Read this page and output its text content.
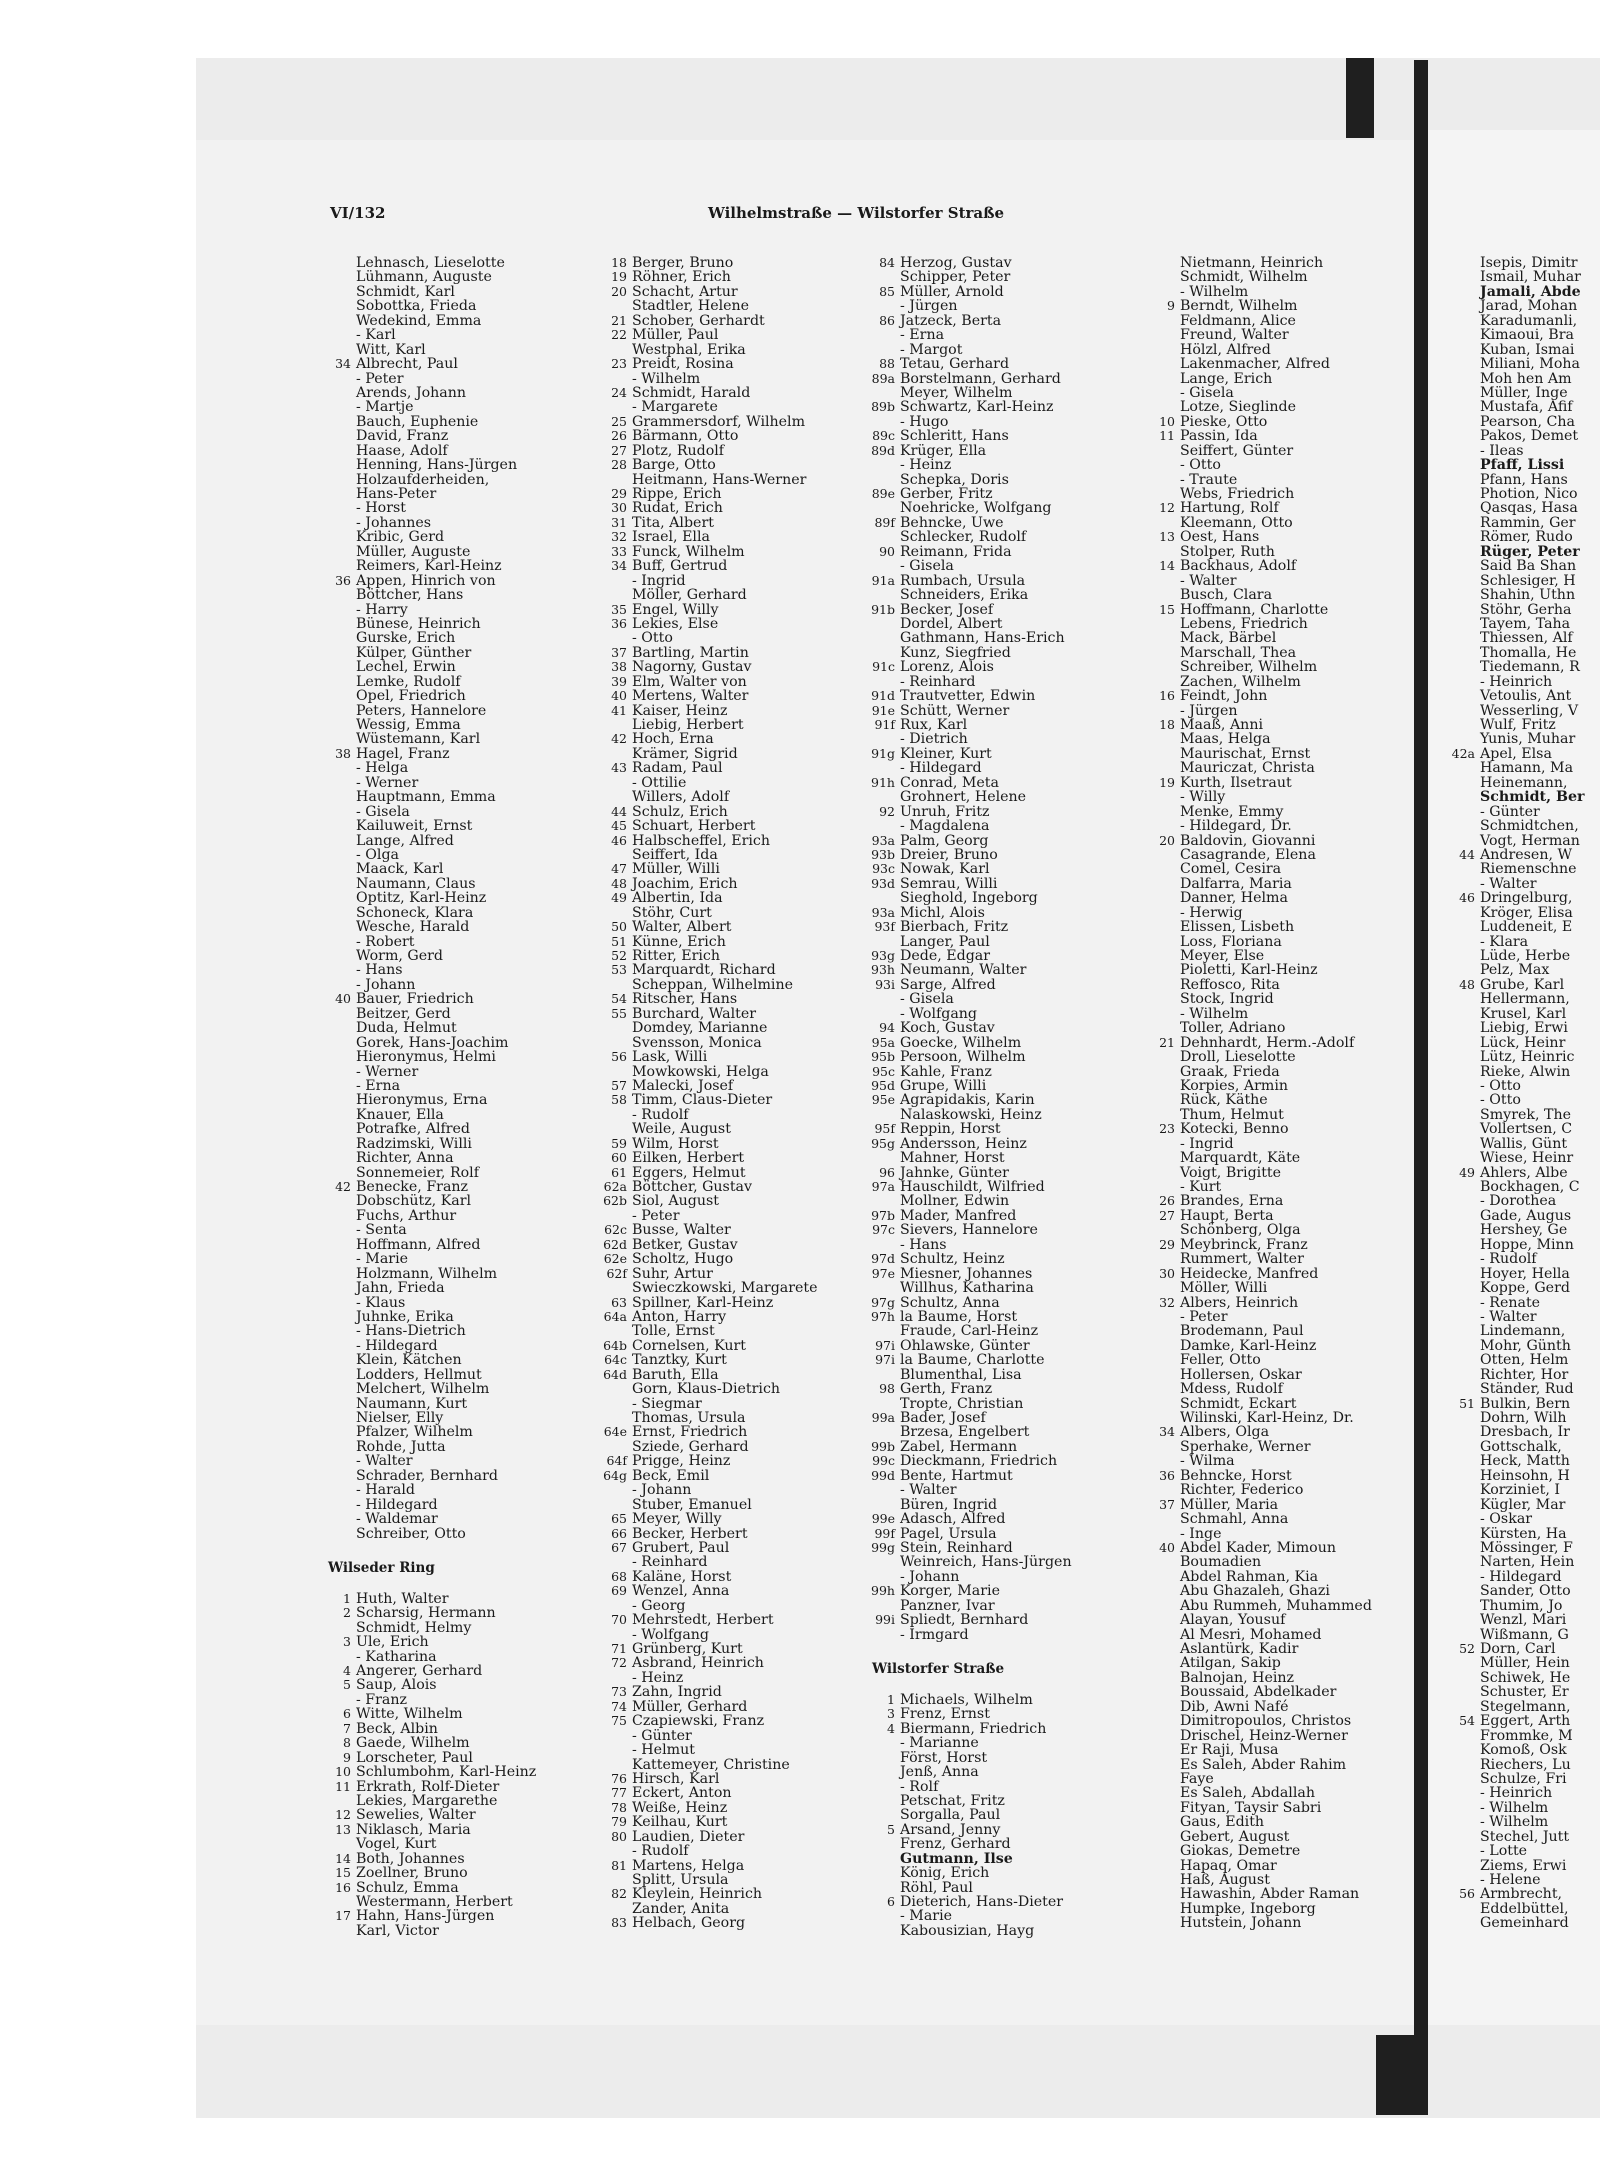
VI/132	Wilhelmstraße — Wilstorfer Straße
Lehnasch, Lieselotte
Lühmann, Auguste
Schmidt, Karl
Sobottka, Frieda
Wedekind, Emma
- Karl
Witt, Karl
34 Albrecht, Paul
- Peter
Arends, Johann
- Martje
Bauch, Euphenie
David, Franz
Haase, Adolf
Henning, Hans-Jürgen
Holzaufderheiden,
Hans-Peter
- Horst
- Johannes
Kribic, Gerd
Müller, Auguste
Reimers, Karl-Heinz
36 Appen, Hinrich von
Böttcher, Hans
- Harry
Bünese, Heinrich
Gurske, Erich
Külper, Günther
Lechel, Erwin
Lemke, Rudolf
Opel, Friedrich
Peters, Hannelore
Wessig, Emma
Wüstemann, Karl
38 Hagel, Franz
- Helga
- Werner
Hauptmann, Emma
- Gisela
Kailuweit, Ernst
Lange, Alfred
- Olga
Maack, Karl
Naumann, Claus
Optitz, Karl-Heinz
Schoneck, Klara
Wesche, Harald
- Robert
Worm, Gerd
- Hans
- Johann
40 Bauer, Friedrich
Beitzer, Gerd
Duda, Helmut
Gorek, Hans-Joachim
Hieronymus, Helmi
- Werner
- Erna
Hieronymus, Erna
Knauer, Ella
Potrafke, Alfred
Radzimski, Willi
Richter, Anna
Sonnemeier, Rolf
42 Benecke, Franz
Dobschütz, Karl
Fuchs, Arthur
- Senta
Hoffmann, Alfred
- Marie
Holzmann, Wilhelm
Jahn, Frieda
- Klaus
Juhnke, Erika
- Hans-Dietrich
- Hildegard
Klein, Kätchen
Lodders, Hellmut
Melchert, Wilhelm
Naumann, Kurt
Nielser, Elly
Pfalzer, Wilhelm
Rohde, Jutta
- Walter
Schrader, Bernhard
- Harald
- Hildegard
- Waldemar
Schreiber, Otto
Wilseder Ring
1 Huth, Walter
2 Scharsig, Hermann
Schmidt, Helmy
3 Ule, Erich
- Katharina
4 Angerer, Gerhard
5 Saup, Alois
- Franz
6 Witte, Wilhelm
7 Beck, Albin
8 Gaede, Wilhelm
9 Lorscheter, Paul
10 Schlumbohm, Karl-Heinz
11 Erkrath, Rolf-Dieter
Lekies, Margarethe
12 Sewelies, Walter
13 Niklasch, Maria
Vogel, Kurt
14 Both, Johannes
15 Zoellner, Bruno
16 Schulz, Emma
Westermann, Herbert
17 Hahn, Hans-Jürgen
Karl, Victor
18 Berger, Bruno
19 Röhner, Erich
20 Schacht, Artur
Stadtler, Helene
21 Schober, Gerhardt
22 Müller, Paul
Westphal, Erika
23 Preidt, Rosina
- Wilhelm
24 Schmidt, Harald
- Margarete
25 Grammersdorf, Wilhelm
26 Bärmann, Otto
27 Plotz, Rudolf
28 Barge, Otto
Heitmann, Hans-Werner
29 Rippe, Erich
30 Rudat, Erich
31 Tita, Albert
32 Israel, Ella
33 Funck, Wilhelm
34 Buff, Gertrud
- Ingrid
Möller, Gerhard
35 Engel, Willy
36 Lekies, Else
- Otto
37 Bartling, Martin
38 Nagorny, Gustav
39 Elm, Walter von
40 Mertens, Walter
41 Kaiser, Heinz
Liebig, Herbert
42 Hoch, Erna
Krämer, Sigrid
43 Radam, Paul
- Ottilie
Willers, Adolf
44 Schulz, Erich
45 Schuart, Herbert
46 Halbscheffel, Erich
Seiffert, Ida
47 Müller, Willi
48 Joachim, Erich
49 Albertin, Ida
Stöhr, Curt
50 Walter, Albert
51 Künne, Erich
52 Ritter, Erich
53 Marquardt, Richard
Scheppan, Wilhelmine
54 Ritscher, Hans
55 Burchard, Walter
Domdey, Marianne
Svensson, Monica
56 Lask, Willi
Mowkowski, Helga
57 Malecki, Josef
58 Timm, Claus-Dieter
- Rudolf
Weile, August
59 Wilm, Horst
60 Eilken, Herbert
61 Eggers, Helmut
62a Böttcher, Gustav
62b Siol, August
- Peter
62c Busse, Walter
62d Betker, Gustav
62e Scholtz, Hugo
62f Suhr, Artur
Swieczkowski, Margarete
63 Spillner, Karl-Heinz
64a Anton, Harry
Tolle, Ernst
64b Cornelsen, Kurt
64c Tanztky, Kurt
64d Baruth, Ella
Gorn, Klaus-Dietrich
- Siegmar
Thomas, Ursula
64e Ernst, Friedrich
Sziede, Gerhard
64f Prigge, Heinz
64g Beck, Emil
- Johann
Stuber, Emanuel
65 Meyer, Willy
66 Becker, Herbert
67 Grubert, Paul
- Reinhard
68 Kaläne, Horst
69 Wenzel, Anna
- Georg
70 Mehrstedt, Herbert
- Wolfgang
71 Grünberg, Kurt
72 Asbrand, Heinrich
- Heinz
73 Zahn, Ingrid
74 Müller, Gerhard
75 Czapiewski, Franz
- Günter
- Helmut
Kattemeyer, Christine
76 Hirsch, Karl
77 Eckert, Anton
78 Weiße, Heinz
79 Keilhau, Kurt
80 Laudien, Dieter
- Rudolf
81 Martens, Helga
Splitt, Ursula
82 Kleylein, Heinrich
Zander, Anita
83 Helbach, Georg
84 Herzog, Gustav
Schipper, Peter
85 Müller, Arnold
- Jürgen
86 Jatzeck, Berta
- Erna
- Margot
88 Tetau, Gerhard
89a Borstelmann, Gerhard
Meyer, Wilhelm
89b Schwartz, Karl-Heinz
- Hugo
89c Schleritt, Hans
89d Krüger, Ella
- Heinz
Schepka, Doris
89e Gerber, Fritz
Noehricke, Wolfgang
89f Behncke, Uwe
Schlecker, Rudolf
90 Reimann, Frida
- Gisela
91a Rumbach, Ursula
Schneiders, Erika
91b Becker, Josef
Dordel, Albert
Gathmann, Hans-Erich
Kunz, Siegfried
91c Lorenz, Alois
- Reinhard
91d Trautvetter, Edwin
91e Schütt, Werner
91f Rux, Karl
- Dietrich
91g Kleiner, Kurt
- Hildegard
91h Conrad, Meta
Grohnert, Helene
92 Unruh, Fritz
- Magdalena
93a Palm, Georg
93b Dreier, Bruno
93c Nowak, Karl
93d Semrau, Willi
Sieghold, Ingeborg
93a Michl, Alois
93f Bierbach, Fritz
Langer, Paul
93g Dede, Edgar
93h Neumann, Walter
93i Sarge, Alfred
- Gisela
- Wolfgang
94 Koch, Gustav
95a Goecke, Wilhelm
95b Persoon, Wilhelm
95c Kahle, Franz
95d Grupe, Willi
95e Agrapidakis, Karin
Nalaskowski, Heinz
95f Reppin, Horst
95g Andersson, Heinz
Mahner, Horst
96 Jahnke, Günter
97a Hauschildt, Wilfried
Mollner, Edwin
97b Mader, Manfred
97c Sievers, Hannelore
- Hans
97d Schultz, Heinz
97e Miesner, Johannes
Willhus, Katharina
97g Schultz, Anna
97h la Baume, Horst
Fraude, Carl-Heinz
97i Ohlawske, Günter
97i la Baume, Charlotte
Blumenthal, Lisa
98 Gerth, Franz
Tropte, Christian
99a Bader, Josef
Brzesa, Engelbert
99b Zabel, Hermann
99c Dieckmann, Friedrich
99d Bente, Hartmut
- Walter
Büren, Ingrid
99e Adasch, Alfred
99f Pagel, Ursula
99g Stein, Reinhard
Weinreich, Hans-Jürgen
- Johann
99h Korger, Marie
Panzner, Ivar
99i Spliedt, Bernhard
- Irmgard
Wilstorfer Straße
1 Michaels, Wilhelm
3 Frenz, Ernst
4 Biermann, Friedrich
- Marianne
Först, Horst
Jenß, Anna
- Rolf
Petschat, Fritz
Sorgalla, Paul
5 Arsand, Jenny
Frenz, Gerhard
Gutmann, Ilse
König, Erich
Röhl, Paul
6 Dieterich, Hans-Dieter
- Marie
Kabousizian, Hayg
Nietmann, Heinrich
Schmidt, Wilhelm
- Wilhelm
9 Berndt, Wilhelm
Feldmann, Alice
Freund, Walter
Hölzl, Alfred
Lakenmacher, Alfred
Lange, Erich
- Gisela
Lotze, Sieglinde
10 Pieske, Otto
11 Passin, Ida
Seiffert, Günter
- Otto
- Traute
Webs, Friedrich
12 Hartung, Rolf
Kleemann, Otto
13 Oest, Hans
Stolper, Ruth
14 Backhaus, Adolf
- Walter
Busch, Clara
15 Hoffmann, Charlotte
Lebens, Friedrich
Mack, Bärbel
Marschall, Thea
Schreiber, Wilhelm
Zachen, Wilhelm
16 Feindt, John
- Jürgen
18 Maaß, Anni
Maas, Helga
Maurischat, Ernst
Mauriczat, Christa
19 Kurth, Ilsetraut
- Willy
Menke, Emmy
- Hildegard, Dr.
20 Baldovin, Giovanni
Casagrande, Elena
Comel, Cesira
Dalfarra, Maria
Danner, Helma
- Herwig
Elissen, Lisbeth
Loss, Floriana
Meyer, Else
Pioletti, Karl-Heinz
Reffosco, Rita
Stock, Ingrid
- Wilhelm
Toller, Adriano
21 Dehnhardt, Herm.-Adolf
Droll, Lieselotte
Graak, Frieda
Korpies, Armin
Rück, Käthe
Thum, Helmut
23 Kotecki, Benno
- Ingrid
Marquardt, Käte
Voigt, Brigitte
- Kurt
26 Brandes, Erna
27 Haupt, Berta
Schönberg, Olga
29 Meybrinck, Franz
Rummert, Walter
30 Heidecke, Manfred
Möller, Willi
32 Albers, Heinrich
- Peter
Brodemann, Paul
Damke, Karl-Heinz
Feller, Otto
Hollersen, Oskar
Mdess, Rudolf
Schmidt, Eckart
Wilinski, Karl-Heinz, Dr.
34 Albers, Olga
Sperhake, Werner
- Wilma
36 Behncke, Horst
Richter, Federico
37 Müller, Maria
Schmahl, Anna
- Inge
40 Abdel Kader, Mimoun
Boumadien
Abdel Rahman, Kia
Abu Ghazaleh, Ghazi
Abu Rummeh, Muhammed
Alayan, Yousuf
Al Mesri, Mohamed
Aslantürk, Kadir
Atilgan, Sakip
Balnojan, Heinz
Boussaid, Abdelkader
Dib, Awni Nafé
Dimitropoulos, Christos
Drischel, Heinz-Werner
Er Raji, Musa
Es Saleh, Abder Rahim
Faye
Es Saleh, Abdallah
Fityan, Taysir Sabri
Gaus, Edith
Gebert, August
Giokas, Demetre
Hapaq, Omar
Haß, August
Hawashin, Abder Raman
Humpke, Ingeborg
Hutstein, Johann
Isepis, Dimitr
Ismail, Muhar
Jamali, Abde
Jarad, Mohan
Karadumanli,
Kimaoui, Bra
Kuban, Ismai
Miliani, Moha
Moh hen Am
Müller, Inge
Mustafa, Afif
Pearson, Cha
Pakos, Demet
- Ileas
Pfaff, Lissi
Pfann, Hans
Photion, Nico
Qasqas, Hasa
Rammin, Ger
Römer, Rudo
Rüger, Peter
Said Ba Shan
Schlesiger, H
Shahin, Uthn
Stöhr, Gerha
Tayem, Taha
Thiessen, Alf
Thomalla, He
Tiedemann, R
- Heinrich
Vetoulis, Ant
Wesserling, V
Wulf, Fritz
Yunis, Muhar
42a Apel, Elsa
Hamann, Ma
Heinemann,
Schmidt, Ber
- Günter
Schmidtchen,
Vogt, Herman
44 Andresen, W
Riemenschne
- Walter
46 Dringelburg,
Kröger, Elisa
Luddeneit, E
- Klara
Lüde, Herbe
Pelz, Max
48 Grube, Karl
Hellermann,
Krusel, Karl
Liebig, Erwi
Lück, Heinr
Lütz, Heinric
Rieke, Alwin
- Otto
- Otto
Smyrek, The
Vollertsen, C
Wallis, Günt
Wiese, Heinr
49 Ahlers, Albe
Bockhagen, C
- Dorothea
Gade, Augus
Hershey, Ge
Hoppe, Minn
- Rudolf
Hoyer, Hella
Koppe, Gerd
- Renate
- Walter
Lindemann,
Mohr, Günth
Otten, Helm
Richter, Hor
Ständer, Rud
51 Bulkin, Bern
Dohrn, Wilh
Dresbach, Ir
Gottschalk,
Heck, Matth
Heinsohn, H
Korziniet, I
Kügler, Mar
- Oskar
Kürsten, Ha
Mössinger, F
Narten, Hein
- Hildegard
Sander, Otto
Thumim, Jo
Wenzl, Mari
Wißmann, G
52 Dorn, Carl
Müller, Hein
Schiwek, He
Schuster, Er
Stegelmann,
54 Eggert, Arth
Frommke, M
Komoß, Osk
Riechers, Lu
Schulze, Fri
- Heinrich
- Wilhelm
- Wilhelm
Stechel, Jutt
- Lotte
Ziems, Erwi
- Helene
56 Armbrecht,
Eddelbüttel,
Gemeinhard
